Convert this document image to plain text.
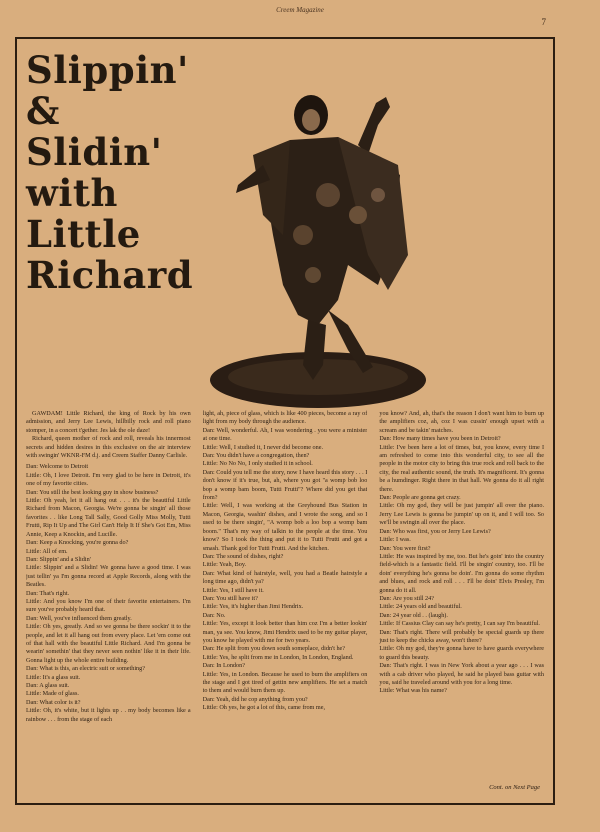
Creem Magazine
7
Slippin'
&
Slidin'
with
Little
Richard

GAWDAM! Little Richard, the king of Rock by his own admission, and Jerry Lee Lewis, hillbilly rock and roll piano stomper, in a concert t'gether. Jes lak the ole daze!

Richard, queen mother of rock and roll, reveals his innermost secrets and hidden desires in this exclusive on the air interview with swingin' WKNR-FM d.j. and Creem Staffer Danny Carlisle.

Dan: Welcome to Detroit

Little: Oh, I love Detroit. I'm very glad to be here in Detroit, it's one of my favorite cities.

Dan: You still the best looking guy in show business?

Little: Oh yeah, let it all hang out . . . it's the beautiful Little Richard from Macon, Georgia. We're gonna be singin' all those favorites . . like Long Tall Sally, Good Golly Miss Molly, Tutti Frutti, Rip It Up and The Girl Can't Help It If She's Got Em, Miss Annie, Keep a Knockin, and Lucille.

Dan: Keep a Knocking, you're gonna do?

Little: All of em.

Dan: Slippin' and a Slidin'

Little: Slippin' and a Slidin! We gonna have a good time. I was just tellin' ya I'm gonna record at Apple Records, along with the Beatles.

Dan: That's right.

Little: And you know I'm one of their favorite entertainers. I'm sure you've probably heard that.

Dan: Well, you've influenced them greatly.

Little: Oh yes, greatly. And so we gonna be there sockin' it to the people, and let it all hang out from every place. Let 'em come out of that hall with the beautiful Little Richard. And I'm gonna be wearin' somethin' that they never seen nothin' like it in their life. Gonna light up the whole entire building.

Dan: What is this, an electric suit or something?

Little: It's a glass suit.

Dan: A glass suit.

Little: Made of glass.

Dan: What color is it?

Little: Oh, it's white, but it lights up . . my body becomes like a rainbow . . . from the stage of each

light, ah, piece of glass, which is like 400 pieces, become a ray of light from my body through the audience.

Dan: Well, wonderful. Ah, I was wondering . you were a minister at one time.

Little: Well, I studied it, I never did become one.

Dan: You didn't have a congregation, then?

Little: No No No, I only studied it in school.

Dan: Could you tell me the story, now I have heard this story . . . I don't know if it's true, but, ah, where you got "a womp bob loo bop a womp bam boom, Tutti Frutti"? Where did you get that from?

Little: Well, I was working at the Greyhound Bus Station in Macon, Georgia, washin' dishes, and I wrote the song, and so I used to be there singin', "A womp bob a loo bop a womp bam boom." That's my way of talkin to the people at the time. You know? So I took the thing and put it to Tutti Frutti and got a smash. Thank god for Tutti Frutti. And the kitchen.

Dan: The sound of dishes, right?

Little: Yeah, Boy.

Dan: What kind of hairstyle, well, you had a Beatle hairstyle a long time ago, didn't ya?

Little: Yes, I still have it.

Dan: You still have it?

Little: Yes, it's higher than Jimi Hendrix.

Dan: No.

Little: Yes, except it look better than him coz I'm a better lookin' man, ya see. You know, Jimi Hendrix used to be my guitar player, you know he played with me for two years.

Dan: He split from you down south someplace, didn't he?

Little: Yes, he split from me in London, In London, England.

Dan: In London?

Little: Yes, in London. Because he used to burn the amplifiers on the stage and I got tired of gettin new amplifiers. He set a match to them and would burn them up.

Dan: Yeah, did he cop anything from you?

Little: Oh yes, he got a lot of this, came from me,

you know? And, ah, that's the reason I don't want him to burn up the amplifiers coz, ah, coz I was cussin' enough upset with a scream and be takin' matches.

Dan: How many times have you been in Detroit?

Little: I've been here a lot of times, but, you know, every time I am refreshed to come into this wonderful city, to see all the people in the motor city to bring this true rock and roll back to the city, the real authentic sound, the truth. It's magnificent. It's gonna be a humdinger. Right there in that hall. We gonna do it all right there.

Dan: People are gonna get crazy.

Little: Oh my god, they will be just jumpin' all over the piano. Jerry Lee Lewis is gonna be jumpin' up on it, and I will too. So we'll be swingin all over the place.

Dan: Who was first, you or Jerry Lee Lewis?

Little: I was.

Dan: You were first?

Little: He was inspired by me, too. But he's goin' into the country field-which is a fantastic field. I'll be singin' country, too. I'll be doin' everything he's gonna be doin'. I'm gonna do some rhythm and blues, and rock and roll . . . I'll be doin' Elvis Presley, I'm gonna do it all.

Dan: Are you still 24?

Little: 24 years old and beautiful.

Dan: 24 year old . . (laugh).

Little: If Cassius Clay can say he's pretty, I can say I'm beautiful.

Dan: That's right. There will probably be special guards up there just to keep the chicks away, won't there?

Little: Oh my god, they're gonna have to have guards everywhere to guard this beauty.

Dan: That's right. I was in New York about a year ago . . . I was with a cab driver who played, he said he played bass guitar with you, said he traveled around with you for a long time.

Little: What was his name?

Cont. on Next Page
